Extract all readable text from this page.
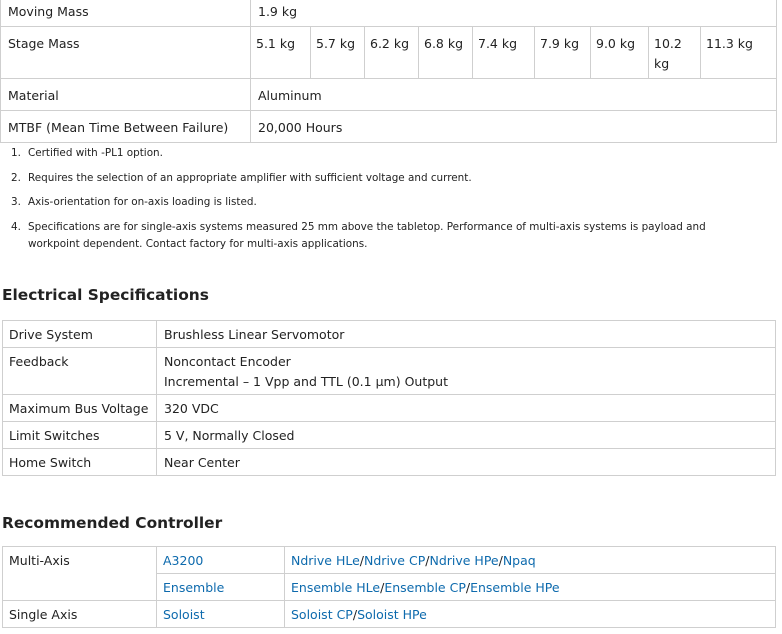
Moving Mass	1.9 kg								
Stage Mass	5.1 kg	5.7 kg	6.2 kg	6.8 kg	7.4 kg	7.9 kg	9.0 kg	10.2 kg	11.3 kg
Material	Aluminum								
MTBF (Mean Time Between Failure)	20,000 Hours								
1. Certified with -PL1 option.
2. Requires the selection of an appropriate amplifier with sufficient voltage and current.
3. Axis-orientation for on-axis loading is listed.
4. Specifications are for single-axis systems measured 25 mm above the tabletop. Performance of multi-axis systems is payload and workpoint dependent. Contact factory for multi-axis applications.
Electrical Specifications
Drive System	Brushless Linear Servomotor
Feedback	Noncontact Encoder
Incremental – 1 Vpp and TTL (0.1 µm) Output

Maximum Bus Voltage	320 VDC
Limit Switches	5 V, Normally Closed
Home Switch	Near Center
Recommended Controller
Multi-Axis	A3200	Ndrive HLe/Ndrive CP/Ndrive HPe/Npaq
	Ensemble	Ensemble HLe/Ensemble CP/Ensemble HPe
Single Axis	Soloist	Soloist CP/Soloist HPe
